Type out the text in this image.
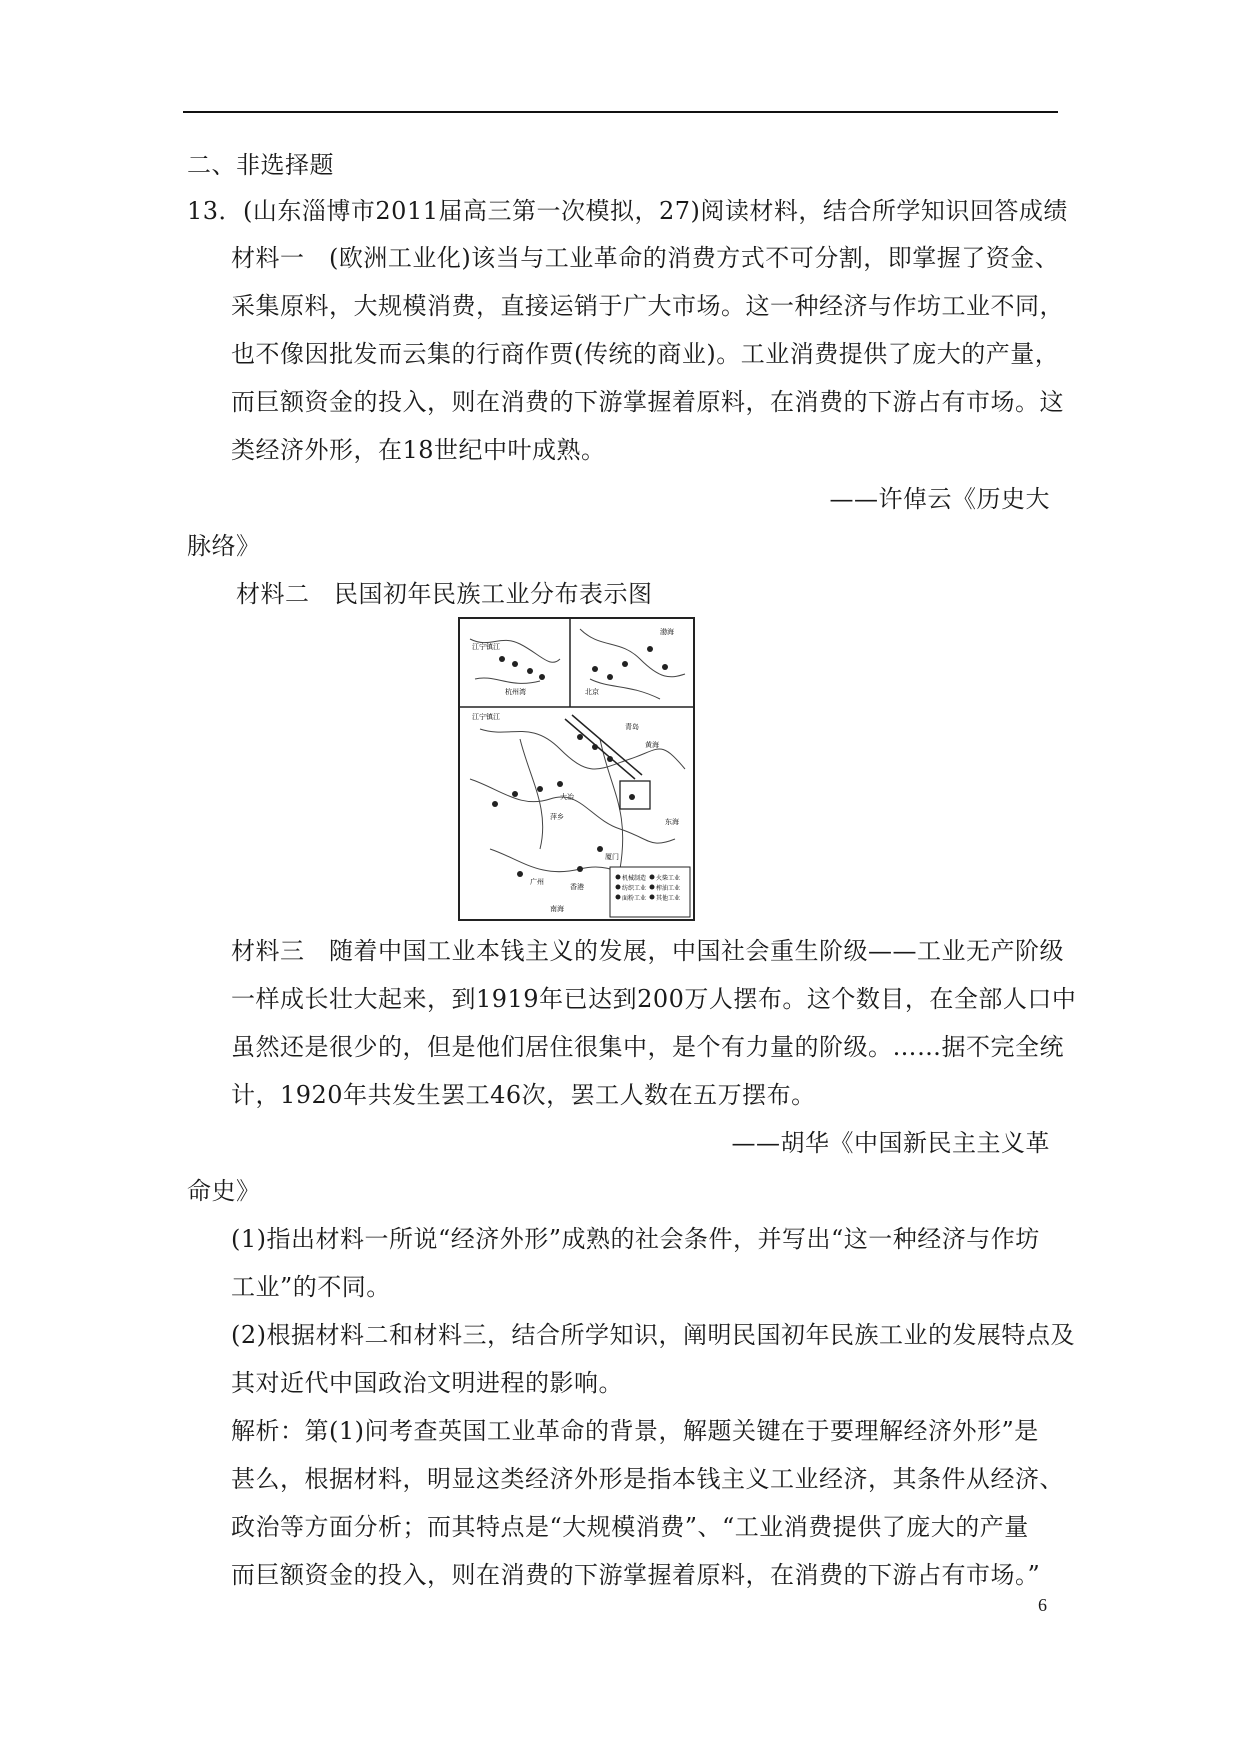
二、非选择题
13．(山东淄博市2011届高三第一次模拟，27)阅读材料，结合所学知识回答成绩
材料一　(欧洲工业化)该当与工业革命的消费方式不可分割，即掌握了资金、
采集原料，大规模消费，直接运销于广大市场。这一种经济与作坊工业不同，
也不像因批发而云集的行商作贾(传统的商业)。工业消费提供了庞大的产量，
而巨额资金的投入，则在消费的下游掌握着原料，在消费的下游占有市场。这
类经济外形，在18世纪中叶成熟。
——许倬云《历史大
脉络》
材料二　民国初年民族工业分布表示图
机械制造
纺织工业
面粉工业
火柴工业
榨油工业
其他工业
江宁镇江
杭州湾	北京
黄海
东海
南海
江宁镇江
大冶
萍乡
厦门
广州
香港
渤海
青岛
材料三　随着中国工业本钱主义的发展，中国社会重生阶级——工业无产阶级
一样成长壮大起来，到1919年已达到200万人摆布。这个数目，在全部人口中
虽然还是很少的，但是他们居住很集中，是个有力量的阶级。……据不完全统
计，1920年共发生罢工46次，罢工人数在五万摆布。
——胡华《中国新民主主义革
命史》
(1)指出材料一所说“经济外形”成熟的社会条件，并写出“这一种经济与作坊
工业”的不同。
(2)根据材料二和材料三，结合所学知识，阐明民国初年民族工业的发展特点及
其对近代中国政治文明进程的影响。
解析：第(1)问考查英国工业革命的背景，解题关键在于要理解经济外形”是
甚么，根据材料，明显这类经济外形是指本钱主义工业经济，其条件从经济、
政治等方面分析；而其特点是“大规模消费”、“工业消费提供了庞大的产量
而巨额资金的投入，则在消费的下游掌握着原料，在消费的下游占有市场。”
6
